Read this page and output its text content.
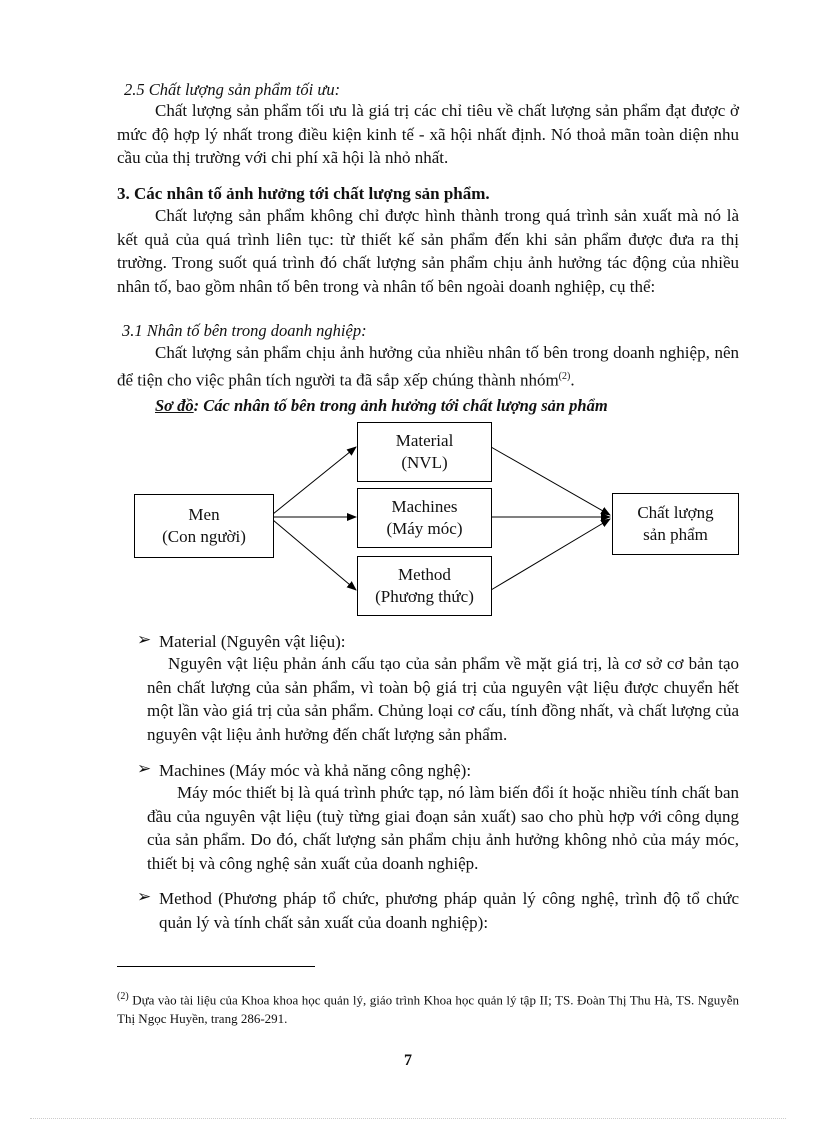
2.5 Chất lượng sản phẩm tối ưu:

Chất lượng sản phẩm tối ưu là giá trị các chỉ tiêu về chất lượng sản phẩm đạt được ở mức độ hợp lý nhất trong điều kiện kinh tế - xã hội nhất định. Nó thoả mãn toàn diện nhu cầu của thị trường với chi phí xã hội là nhỏ nhất.

3. Các nhân tố ảnh hưởng tới chất lượng sản phẩm.

Chất lượng sản phẩm không chỉ được hình thành trong quá trình sản xuất mà nó là kết quả của quá trình liên tục: từ thiết kế sản phẩm đến khi sản phẩm được đưa ra thị trường. Trong suốt quá trình đó chất lượng sản phẩm chịu ảnh hưởng tác động của nhiều nhân tố, bao gồm nhân tố bên trong và nhân tố bên ngoài doanh nghiệp, cụ thể:

3.1 Nhân tố bên trong doanh nghiệp:

Chất lượng sản phẩm chịu ảnh hưởng của nhiều nhân tố bên trong doanh nghiệp, nên để tiện cho việc phân tích người ta đã sắp xếp chúng thành nhóm$^{(2)}$.

Sơ đồ: Các nhân tố bên trong ảnh hưởng tới chất lượng sản phẩm

Men
(Con người)
Material
(NVL)
Machines
(Máy móc)
Method
(Phương thức)
Chất lượng
sản phẩm
➢ Material (Nguyên vật liệu):

Nguyên vật liệu phản ánh cấu tạo của sản phẩm về mặt giá trị, là cơ sở cơ bản tạo nên chất lượng của sản phẩm, vì toàn bộ giá trị của nguyên vật liệu được chuyển hết một lần vào giá trị của sản phẩm. Chủng loại cơ cấu, tính đồng nhất, và chất lượng của nguyên vật liệu ảnh hưởng đến chất lượng sản phẩm.

➢ Machines (Máy móc và khả năng công nghệ):

Máy móc thiết bị là quá trình phức tạp, nó làm biến đổi ít hoặc nhiều tính chất ban đầu của nguyên vật liệu (tuỳ từng giai đoạn sản xuất) sao cho phù hợp với công dụng của sản phẩm. Do đó, chất lượng sản phẩm chịu ảnh hưởng không nhỏ của máy móc, thiết bị và công nghệ sản xuất của doanh nghiệp.

➢ Method (Phương pháp tổ chức, phương pháp quản lý công nghệ, trình độ tổ chức quản lý và tính chất sản xuất của doanh nghiệp):

$^{(2)}$ Dựa vào tài liệu của Khoa khoa học quản lý, giáo trình Khoa học quản lý tập II; TS. Đoàn Thị Thu Hà, TS. Nguyễn Thị Ngọc Huyền, trang 286-291.

7
